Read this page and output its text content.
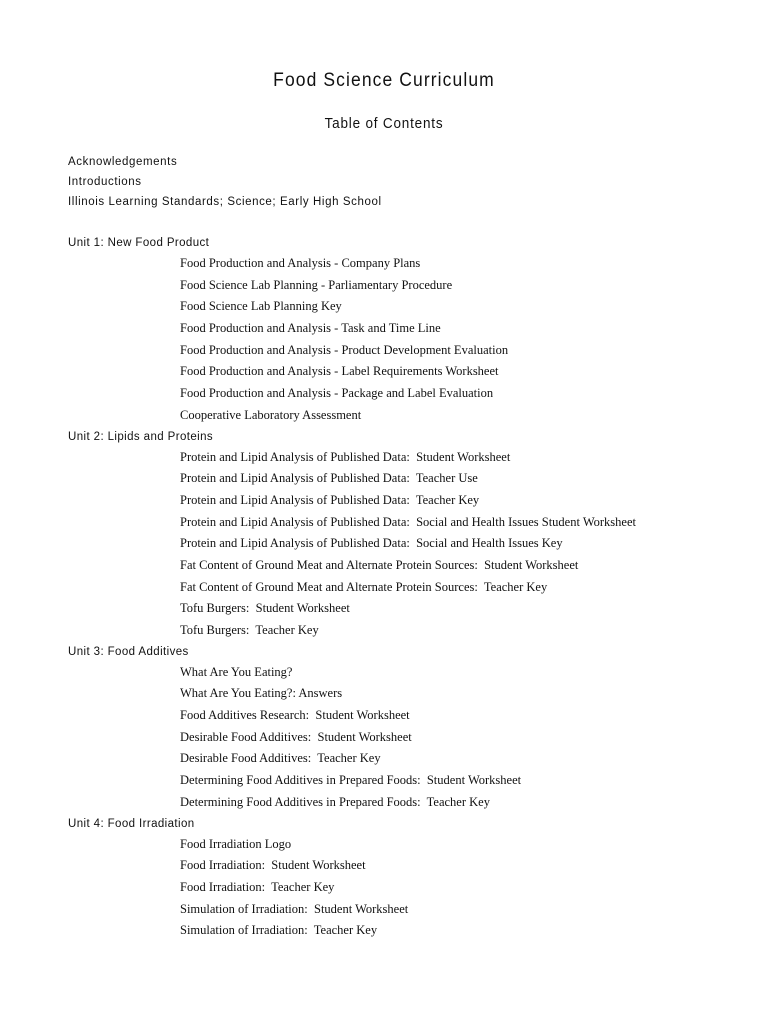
Food Science Curriculum
Table of Contents
Acknowledgements
Introductions
Illinois Learning Standards; Science; Early High School
Unit 1: New Food Product
Food Production and Analysis - Company Plans
Food Science Lab Planning - Parliamentary Procedure
Food Science Lab Planning Key
Food Production and Analysis - Task and Time Line
Food Production and Analysis - Product Development Evaluation
Food Production and Analysis - Label Requirements Worksheet
Food Production and Analysis - Package and Label Evaluation
Cooperative Laboratory Assessment
Unit 2: Lipids and Proteins
Protein and Lipid Analysis of Published Data:  Student Worksheet
Protein and Lipid Analysis of Published Data:  Teacher Use
Protein and Lipid Analysis of Published Data:  Teacher Key
Protein and Lipid Analysis of Published Data:  Social and Health Issues Student Worksheet
Protein and Lipid Analysis of Published Data:  Social and Health Issues Key
Fat Content of Ground Meat and Alternate Protein Sources:  Student Worksheet
Fat Content of Ground Meat and Alternate Protein Sources:  Teacher Key
Tofu Burgers:  Student Worksheet
Tofu Burgers:  Teacher Key
Unit 3: Food Additives
What Are You Eating?
What Are You Eating?: Answers
Food Additives Research:  Student Worksheet
Desirable Food Additives:  Student Worksheet
Desirable Food Additives:  Teacher Key
Determining Food Additives in Prepared Foods:  Student Worksheet
Determining Food Additives in Prepared Foods:  Teacher Key
Unit 4: Food Irradiation
Food Irradiation Logo
Food Irradiation:  Student Worksheet
Food Irradiation:  Teacher Key
Simulation of Irradiation:  Student Worksheet
Simulation of Irradiation:  Teacher Key
